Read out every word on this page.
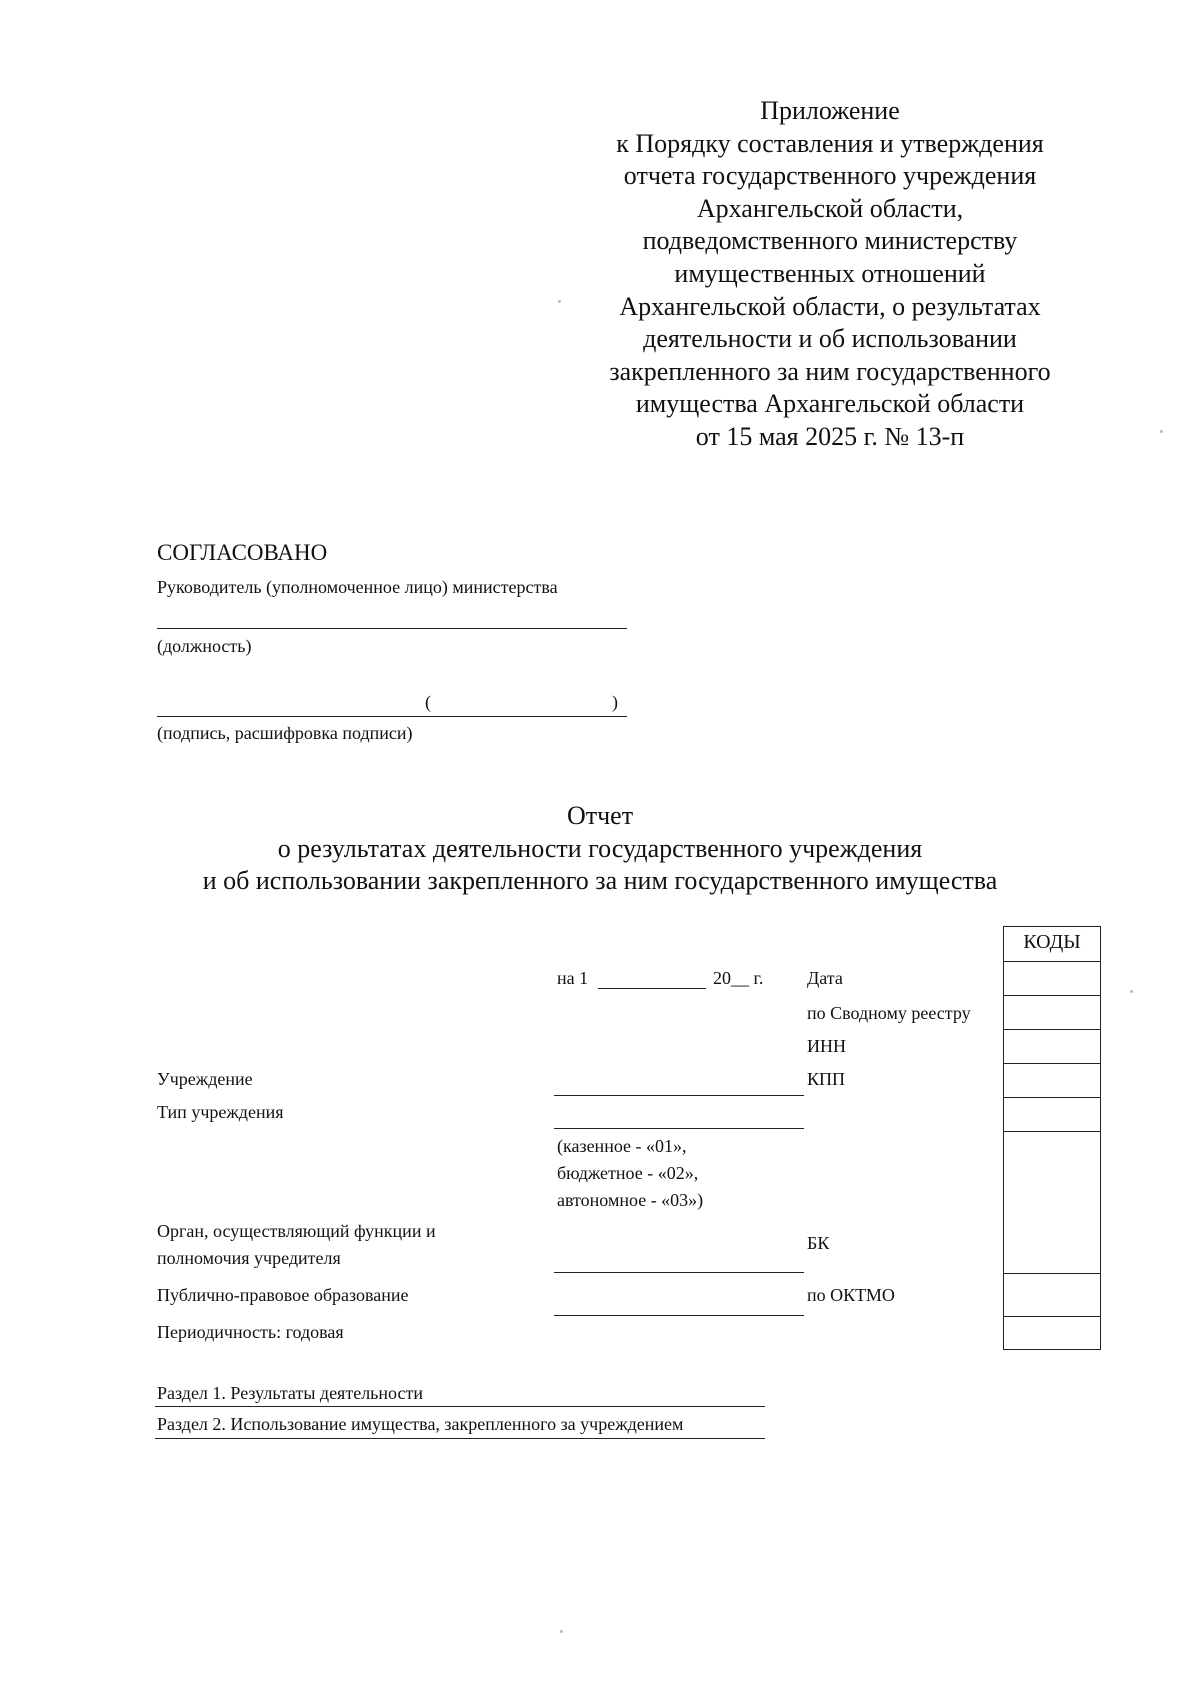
Приложение
к Порядку составления и утверждения
отчета государственного учреждения
Архангельской области,
подведомственного министерству
имущественных отношений
Архангельской области, о результатах
деятельности и об использовании
закрепленного за ним государственного
имущества Архангельской области
от 15 мая 2025 г. № 13-п
СОГЛАСОВАНО
Руководитель (уполномоченное лицо) министерства
(должность)
(	)
(подпись, расшифровка подписи)
Отчет
о результатах деятельности государственного учреждения
и об использовании закрепленного за ним государственного имущества
КОДЫ
на 1	20__ г. Дата
по Сводному реестру
ИНН
КПП
БК
по ОКТМО
Учреждение
Тип учреждения
Орган, осуществляющий функции и
полномочия учредителя
Публично-правовое образование
Периодичность: годовая
(казенное - «01»,
бюджетное - «02»,
автономное - «03»)
Раздел 1. Результаты деятельности
Раздел 2. Использование имущества, закрепленного за учреждением
